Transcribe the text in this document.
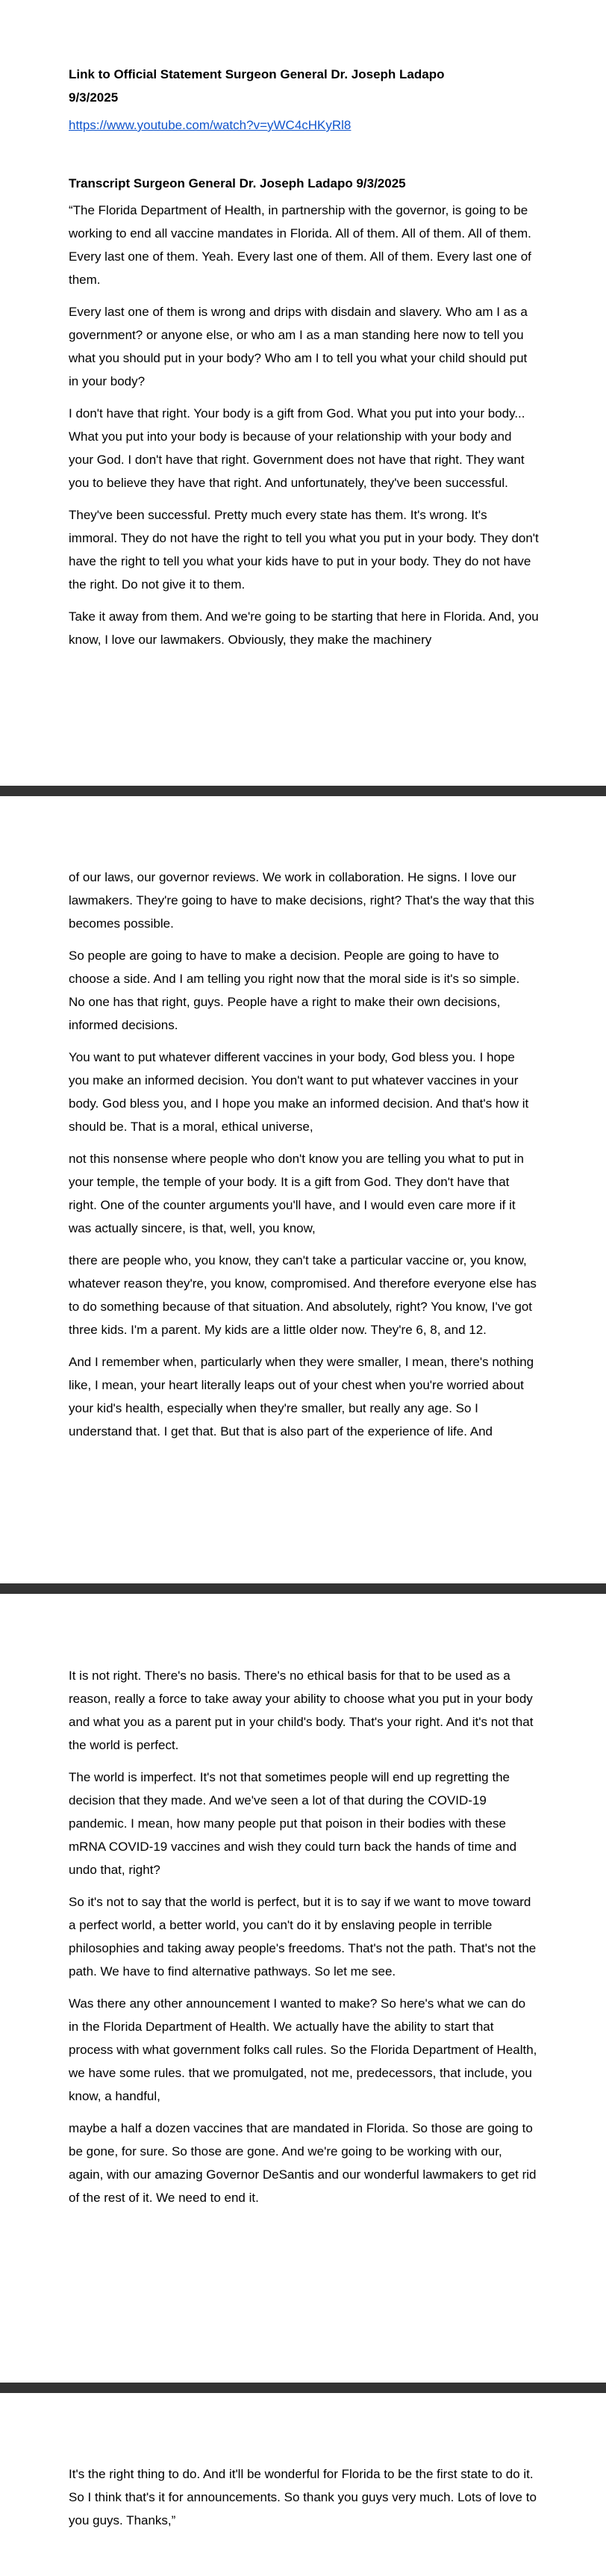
Link to Official Statement Surgeon General Dr. Joseph Ladapo
9/3/2025
https://www.youtube.com/watch?v=yWC4cHKyRl8
Transcript Surgeon General Dr. Joseph Ladapo 9/3/2025

“The Florida Department of Health, in partnership with the governor, is going to be working to end all vaccine mandates in Florida. All of them. All of them. All of them. Every last one of them. Yeah. Every last one of them. All of them. Every last one of them.

Every last one of them is wrong and drips with disdain and slavery. Who am I as a government? or anyone else, or who am I as a man standing here now to tell you what you should put in your body? Who am I to tell you what your child should put in your body?

I don't have that right. Your body is a gift from God. What you put into your body... What you put into your body is because of your relationship with your body and your God. I don't have that right. Government does not have that right. They want you to believe they have that right. And unfortunately, they've been successful.

They've been successful. Pretty much every state has them. It's wrong. It's immoral. They do not have the right to tell you what you put in your body. They don't have the right to tell you what your kids have to put in your body. They do not have the right. Do not give it to them.

Take it away from them. And we're going to be starting that here in Florida. And, you know, I love our lawmakers. Obviously, they make the machinery

of our laws, our governor reviews. We work in collaboration. He signs. I love our lawmakers. They're going to have to make decisions, right? That's the way that this becomes possible.

So people are going to have to make a decision. People are going to have to choose a side. And I am telling you right now that the moral side is it's so simple. No one has that right, guys. People have a right to make their own decisions, informed decisions.

You want to put whatever different vaccines in your body, God bless you. I hope you make an informed decision. You don't want to put whatever vaccines in your body. God bless you, and I hope you make an informed decision. And that's how it should be. That is a moral, ethical universe,

not this nonsense where people who don't know you are telling you what to put in your temple, the temple of your body. It is a gift from God. They don't have that right. One of the counter arguments you'll have, and I would even care more if it was actually sincere, is that, well, you know,

there are people who, you know, they can't take a particular vaccine or, you know, whatever reason they're, you know, compromised. And therefore everyone else has to do something because of that situation. And absolutely, right? You know, I've got three kids. I'm a parent. My kids are a little older now. They're 6, 8, and 12.

And I remember when, particularly when they were smaller, I mean, there's nothing like, I mean, your heart literally leaps out of your chest when you're worried about your kid's health, especially when they're smaller, but really any age. So I understand that. I get that. But that is also part of the experience of life. And

It is not right. There's no basis. There's no ethical basis for that to be used as a reason, really a force to take away your ability to choose what you put in your body and what you as a parent put in your child's body. That's your right. And it's not that the world is perfect.

The world is imperfect. It's not that sometimes people will end up regretting the decision that they made. And we've seen a lot of that during the COVID-19 pandemic. I mean, how many people put that poison in their bodies with these mRNA COVID-19 vaccines and wish they could turn back the hands of time and undo that, right?

So it's not to say that the world is perfect, but it is to say if we want to move toward a perfect world, a better world, you can't do it by enslaving people in terrible philosophies and taking away people's freedoms. That's not the path. That's not the path. We have to find alternative pathways. So let me see.

Was there any other announcement I wanted to make? So here's what we can do in the Florida Department of Health. We actually have the ability to start that process with what government folks call rules. So the Florida Department of Health, we have some rules. that we promulgated, not me, predecessors, that include, you know, a handful,

maybe a half a dozen vaccines that are mandated in Florida. So those are going to be gone, for sure. So those are gone. And we're going to be working with our, again, with our amazing Governor DeSantis and our wonderful lawmakers to get rid of the rest of it. We need to end it.

It's the right thing to do. And it'll be wonderful for Florida to be the first state to do it. So I think that's it for announcements. So thank you guys very much. Lots of love to you guys. Thanks,”
